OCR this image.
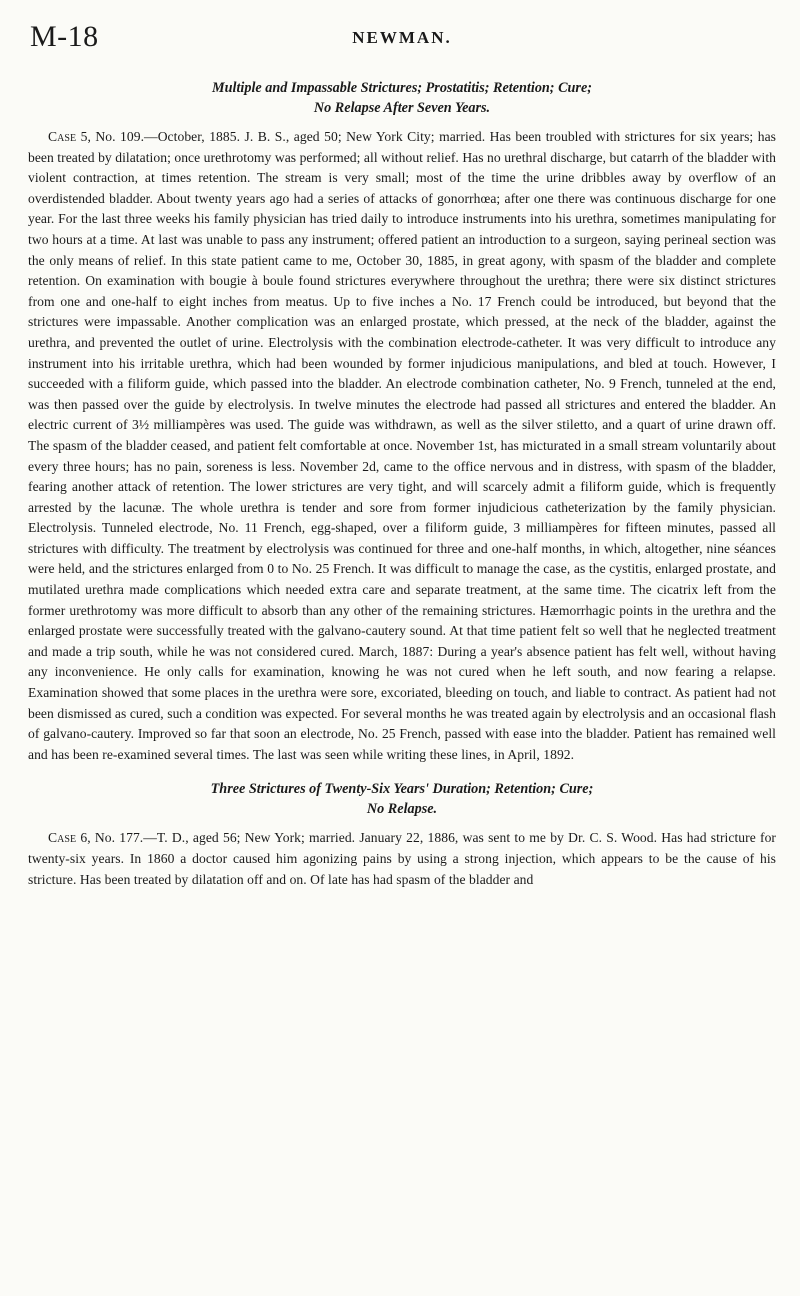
M-18	NEWMAN.
Multiple and Impassable Strictures; Prostatitis; Retention; Cure;
No Relapse After Seven Years.

Case 5, No. 109.—October, 1885. J. B. S., aged 50; New York City; married. Has been troubled with strictures for six years; has been treated by dilatation; once urethrotomy was performed; all without relief. Has no urethral discharge, but catarrh of the bladder with violent contraction, at times retention. The stream is very small; most of the time the urine dribbles away by overflow of an overdistended bladder. About twenty years ago had a series of attacks of gonorrhœa; after one there was continuous discharge for one year. For the last three weeks his family physician has tried daily to introduce instruments into his urethra, sometimes manipulating for two hours at a time. At last was unable to pass any instrument; offered patient an introduction to a surgeon, saying perineal section was the only means of relief. In this state patient came to me, October 30, 1885, in great agony, with spasm of the bladder and complete retention. On examination with bougie à boule found strictures everywhere throughout the urethra; there were six distinct strictures from one and one-half to eight inches from meatus. Up to five inches a No. 17 French could be introduced, but beyond that the strictures were impassable. Another complication was an enlarged prostate, which pressed, at the neck of the bladder, against the urethra, and prevented the outlet of urine. Electrolysis with the combination electrode-catheter. It was very difficult to introduce any instrument into his irritable urethra, which had been wounded by former injudicious manipulations, and bled at touch. However, I succeeded with a filiform guide, which passed into the bladder. An electrode combination catheter, No. 9 French, tunneled at the end, was then passed over the guide by electrolysis. In twelve minutes the electrode had passed all strictures and entered the bladder. An electric current of 3½ milliampères was used. The guide was withdrawn, as well as the silver stiletto, and a quart of urine drawn off. The spasm of the bladder ceased, and patient felt comfortable at once. November 1st, has micturated in a small stream voluntarily about every three hours; has no pain, soreness is less. November 2d, came to the office nervous and in distress, with spasm of the bladder, fearing another attack of retention. The lower strictures are very tight, and will scarcely admit a filiform guide, which is frequently arrested by the lacunæ. The whole urethra is tender and sore from former injudicious catheterization by the family physician. Electrolysis. Tunneled electrode, No. 11 French, egg-shaped, over a filiform guide, 3 milliampères for fifteen minutes, passed all strictures with difficulty. The treatment by electrolysis was continued for three and one-half months, in which, altogether, nine séances were held, and the strictures enlarged from 0 to No. 25 French. It was difficult to manage the case, as the cystitis, enlarged prostate, and mutilated urethra made complications which needed extra care and separate treatment, at the same time. The cicatrix left from the former urethrotomy was more difficult to absorb than any other of the remaining strictures. Hæmorrhagic points in the urethra and the enlarged prostate were successfully treated with the galvano-cautery sound. At that time patient felt so well that he neglected treatment and made a trip south, while he was not considered cured. March, 1887: During a year's absence patient has felt well, without having any inconvenience. He only calls for examination, knowing he was not cured when he left south, and now fearing a relapse. Examination showed that some places in the urethra were sore, excoriated, bleeding on touch, and liable to contract. As patient had not been dismissed as cured, such a condition was expected. For several months he was treated again by electrolysis and an occasional flash of galvano-cautery. Improved so far that soon an electrode, No. 25 French, passed with ease into the bladder. Patient has remained well and has been re-examined several times. The last was seen while writing these lines, in April, 1892.

Three Strictures of Twenty-Six Years' Duration; Retention; Cure;
No Relapse.

Case 6, No. 177.—T. D., aged 56; New York; married. January 22, 1886, was sent to me by Dr. C. S. Wood. Has had stricture for twenty-six years. In 1860 a doctor caused him agonizing pains by using a strong injection, which appears to be the cause of his stricture. Has been treated by dilatation off and on. Of late has had spasm of the bladder and
